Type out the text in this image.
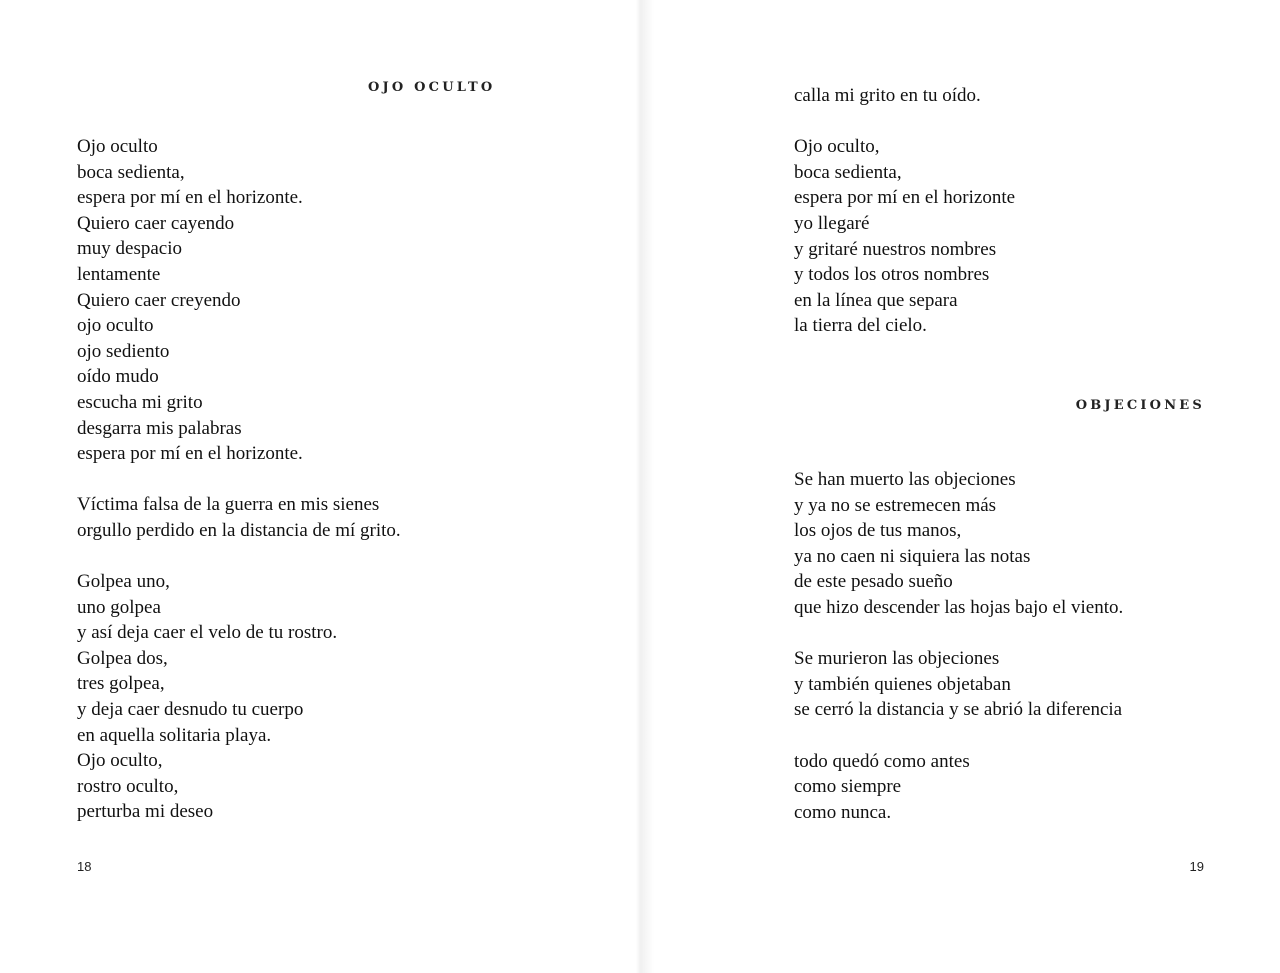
OJO OCULTO
Ojo oculto
boca sedienta,
espera por mí en el horizonte.
Quiero caer cayendo
muy despacio
lentamente
Quiero caer creyendo
ojo oculto
ojo sediento
oído mudo
escucha mi grito
desgarra mis palabras
espera por mí en el horizonte.
Víctima falsa de la guerra en mis sienes
orgullo perdido en la distancia de mí grito.
Golpea uno,
uno golpea
y así deja caer el velo de tu rostro.
Golpea dos,
tres golpea,
y deja caer desnudo tu cuerpo
en aquella solitaria playa.
Ojo oculto,
rostro oculto,
perturba mi deseo
18
calla mi grito en tu oído.
Ojo oculto,
boca sedienta,
espera por mí en el horizonte
yo llegaré
y gritaré nuestros nombres
y todos los otros nombres
en la línea que separa
la tierra del cielo.
OBJECIONES
Se han muerto las objeciones
y ya no se estremecen más
los ojos de tus manos,
ya no caen ni siquiera las notas
de este pesado sueño
que hizo descender las hojas bajo el viento.
Se murieron las objeciones
y también quienes objetaban
se cerró la distancia y se abrió la diferencia
todo quedó como antes
como siempre
como nunca.
19
